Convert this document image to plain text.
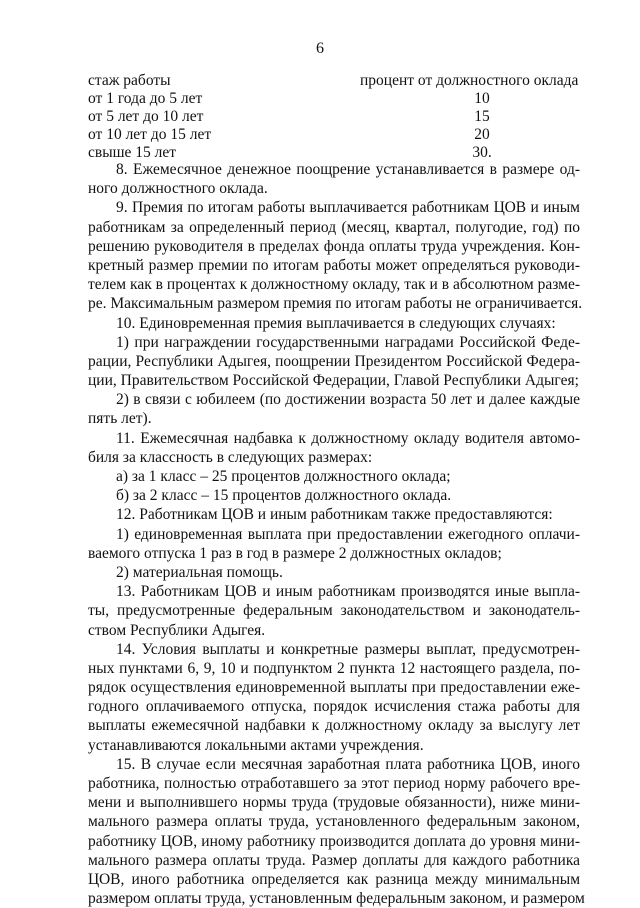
6
стаж работы	процент от должностного оклада
от 1 года до 5 лет	10
от 5 лет до 10 лет	15
от 10 лет до 15 лет	20
свыше 15 лет	30.
8. Ежемесячное денежное поощрение устанавливается в размере од-
ного должностного оклада.
9. Премия по итогам работы выплачивается работникам ЦОВ и иным
работникам за определенный период (месяц, квартал, полугодие, год) по
решению руководителя в пределах фонда оплаты труда учреждения. Кон-
кретный размер премии по итогам работы может определяться руководи-
телем как в процентах к должностному окладу, так и в абсолютном разме-
ре. Максимальным размером премия по итогам работы не ограничивается.
10. Единовременная премия выплачивается в следующих случаях:
1) при награждении государственными наградами Российской Феде-
рации, Республики Адыгея, поощрении Президентом Российской Федера-
ции, Правительством Российской Федерации, Главой Республики Адыгея;
2) в связи с юбилеем (по достижении возраста 50 лет и далее каждые
пять лет).
11. Ежемесячная надбавка к должностному окладу водителя автомо-
биля за классность в следующих размерах:
а) за 1 класс – 25 процентов должностного оклада;
б) за 2 класс – 15 процентов должностного оклада.
12. Работникам ЦОВ и иным работникам также предоставляются:
1) единовременная выплата при предоставлении ежегодного оплачи-
ваемого отпуска 1 раз в год в размере 2 должностных окладов;
2) материальная помощь.
13. Работникам ЦОВ и иным работникам производятся иные выпла-
ты, предусмотренные федеральным законодательством и законодатель-
ством Республики Адыгея.
14. Условия выплаты и конкретные размеры выплат, предусмотрен-
ных пунктами 6, 9, 10 и подпунктом 2 пункта 12 настоящего раздела, по-
рядок осуществления единовременной выплаты при предоставлении еже-
годного оплачиваемого отпуска, порядок исчисления стажа работы для
выплаты ежемесячной надбавки к должностному окладу за выслугу лет
устанавливаются локальными актами учреждения.
15. В случае если месячная заработная плата работника ЦОВ, иного
работника, полностью отработавшего за этот период норму рабочего вре-
мени и выполнившего нормы труда (трудовые обязанности), ниже мини-
мального размера оплаты труда, установленного федеральным законом,
работнику ЦОВ, иному работнику производится доплата до уровня мини-
мального размера оплаты труда. Размер доплаты для каждого работника
ЦОВ, иного работника определяется как разница между минимальным
размером оплаты труда, установленным федеральным законом, и размером
